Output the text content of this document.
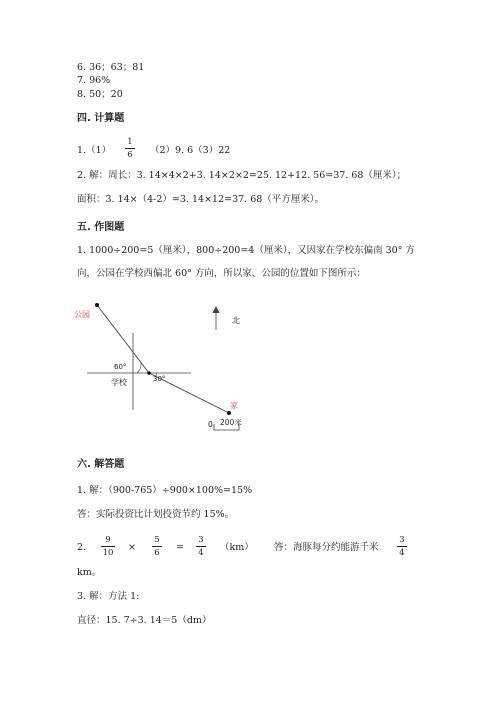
6. 36；63；81
7. 96%
8. 50；20
四. 计算题
1.（1）
1
6 （2）9. 6（3）22
2. 解：周长：3. 14×4×2+3. 14×2×2=25. 12+12. 56=37. 68（厘米）；
面积：3. 14×（4-2）=3. 14×12=37. 68（平方厘米）。
五. 作图题
1. 1000÷200=5（厘米），800÷200=4（厘米），又因家在学校东偏南 30° 方
向，公园在学校西偏北 60° 方向，所以家、公园的位置如下图所示：
公园
60°
30°
学校
家
北
0 200米
六. 解答题
1. 解：（900-765）÷900×100%=15%
答：实际投资比计划投资节约 15%。
2.
9
10 ×
5
6 =
3
4 （km） 答：海豚每分约能游千米
3
4
km。
3. 解：方法 1:
直径：15. 7÷3. 14＝5（dm）
